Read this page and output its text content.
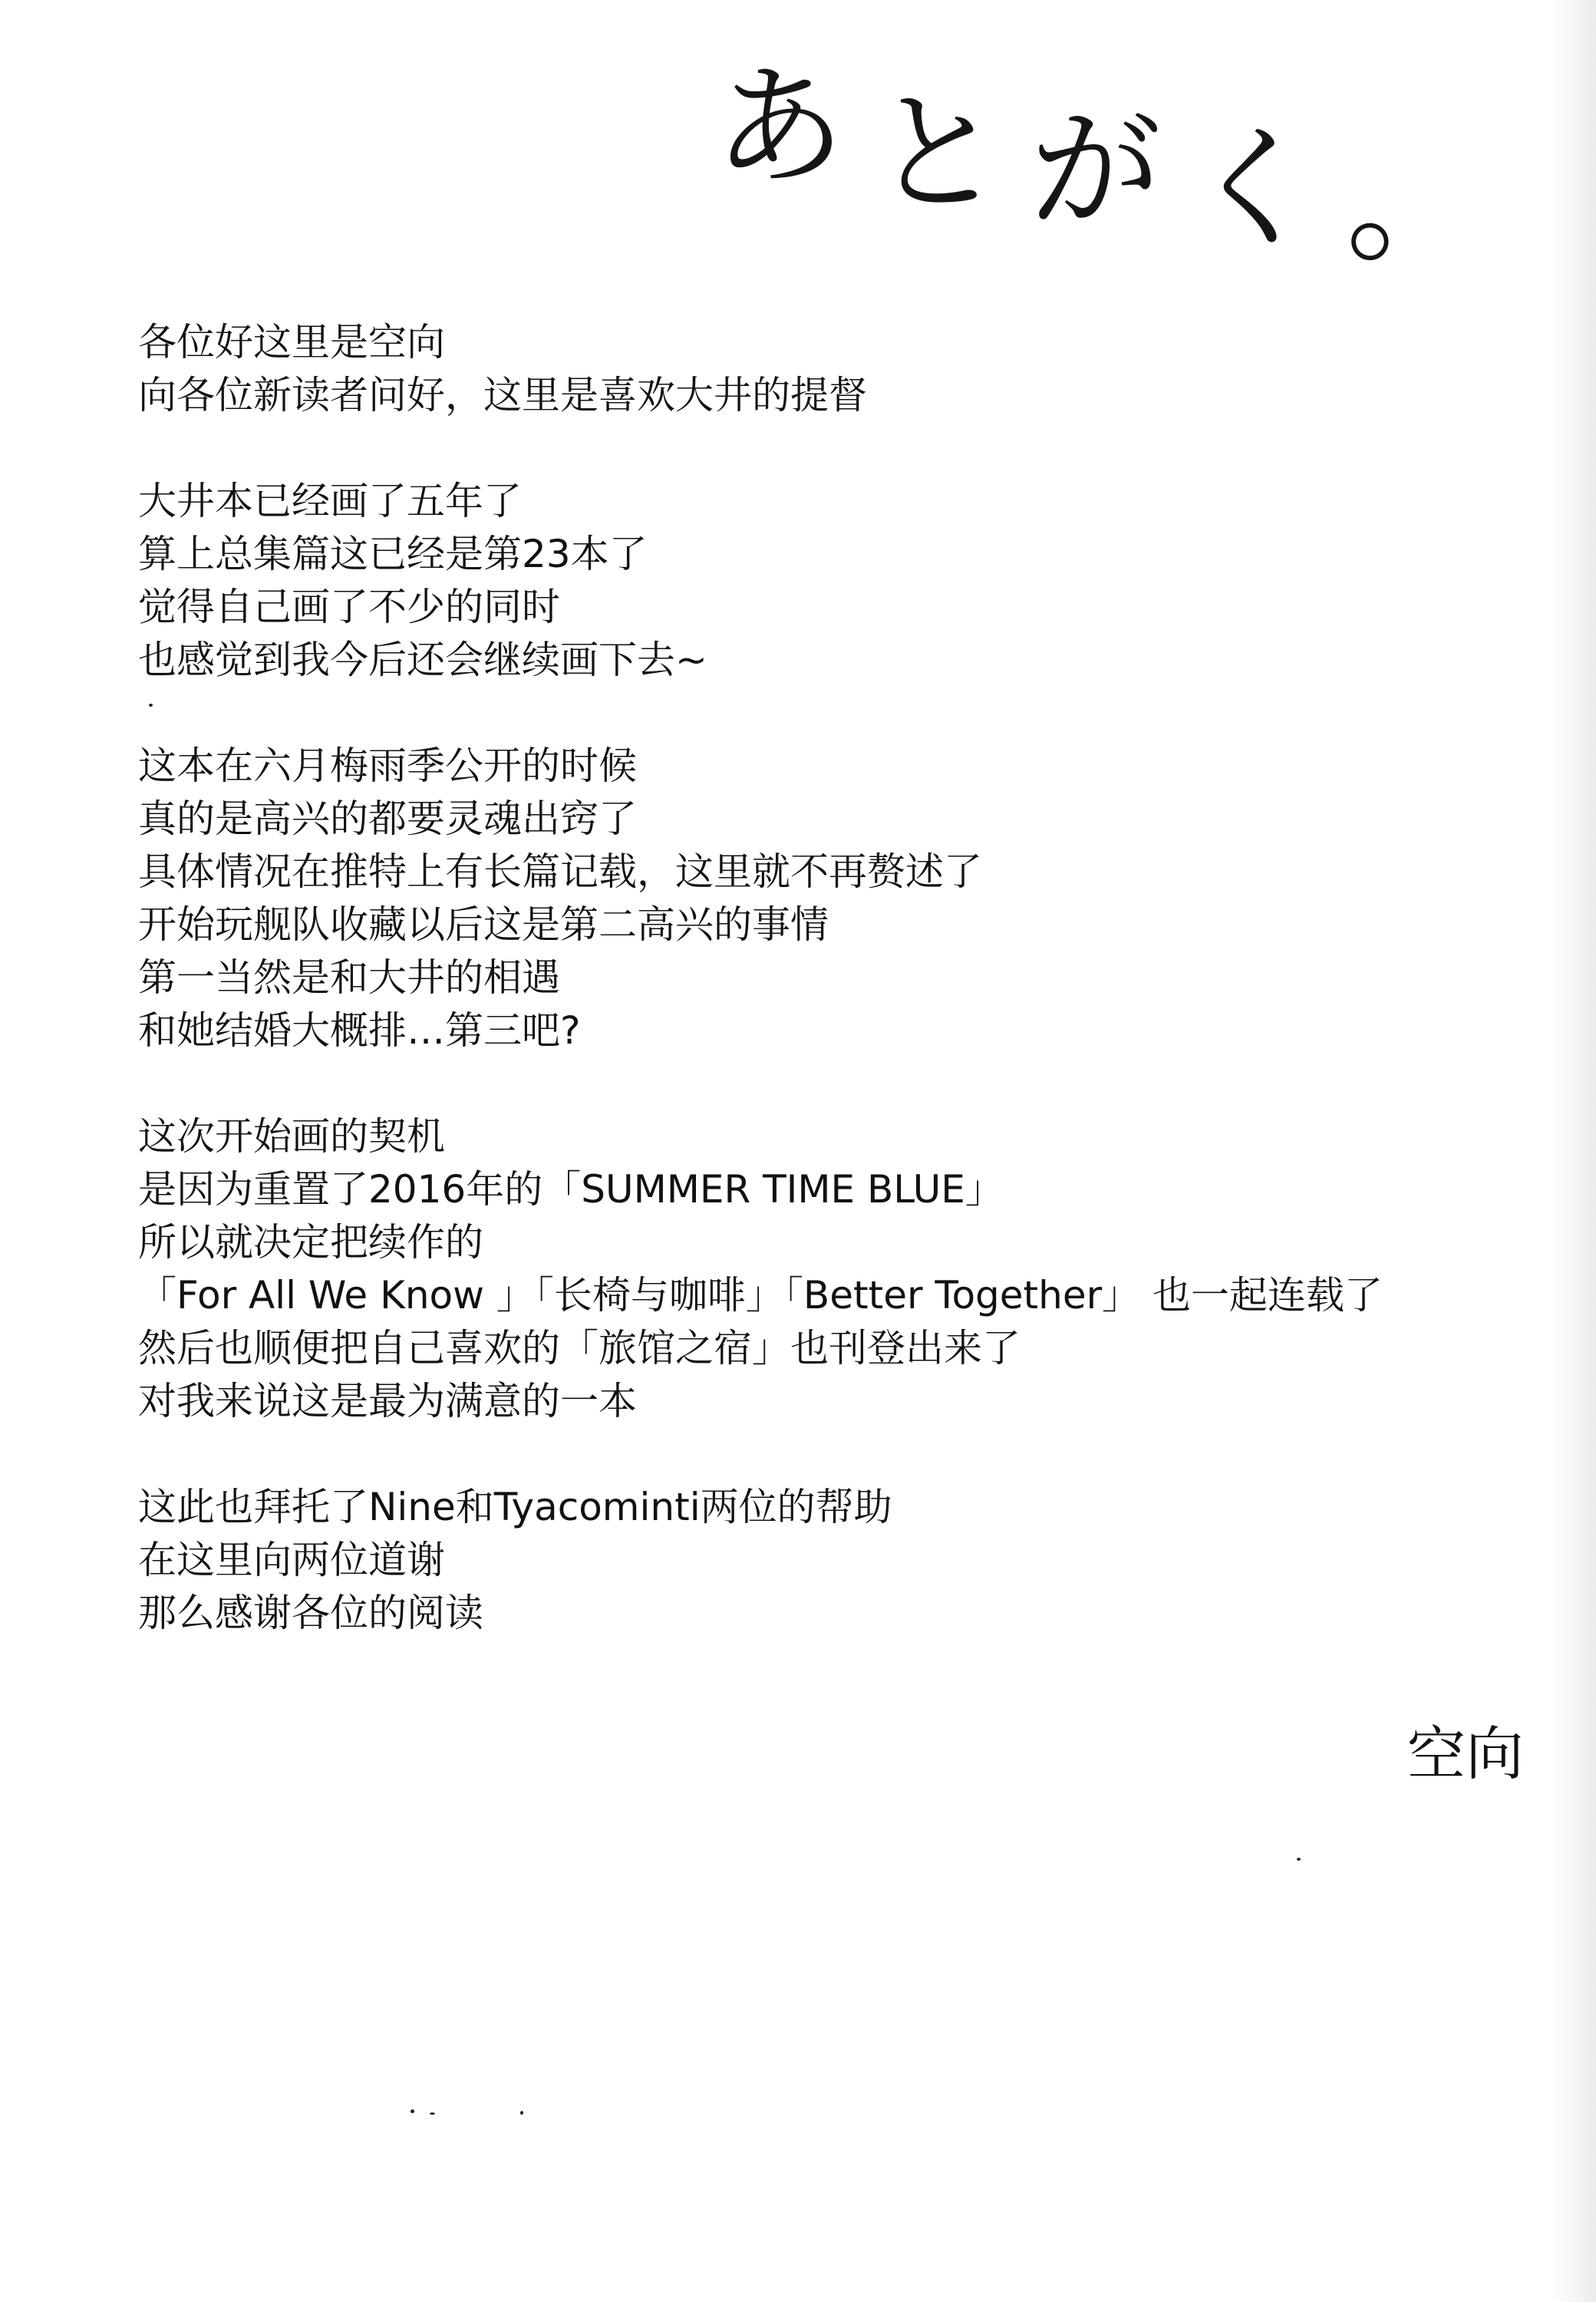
あとがく。
各位好这里是空向
向各位新读者问好，这里是喜欢大井的提督
大井本已经画了五年了
算上总集篇这已经是第23本了
觉得自己画了不少的同时
也感觉到我今后还会继续画下去~
这本在六月梅雨季公开的时候
真的是高兴的都要灵魂出窍了
具体情况在推特上有长篇记载，这里就不再赘述了
开始玩舰队收藏以后这是第二高兴的事情
第一当然是和大井的相遇
和她结婚大概排…第三吧?
这次开始画的契机
是因为重置了2016年的「SUMMER TIME BLUE」
所以就决定把续作的
「For All We Know 」「长椅与咖啡」「Better Together」 也一起连载了
然后也顺便把自己喜欢的「旅馆之宿」也刊登出来了
对我来说这是最为满意的一本
这此也拜托了Nine和Tyacominti两位的帮助
在这里向两位道谢
那么感谢各位的阅读
空向
